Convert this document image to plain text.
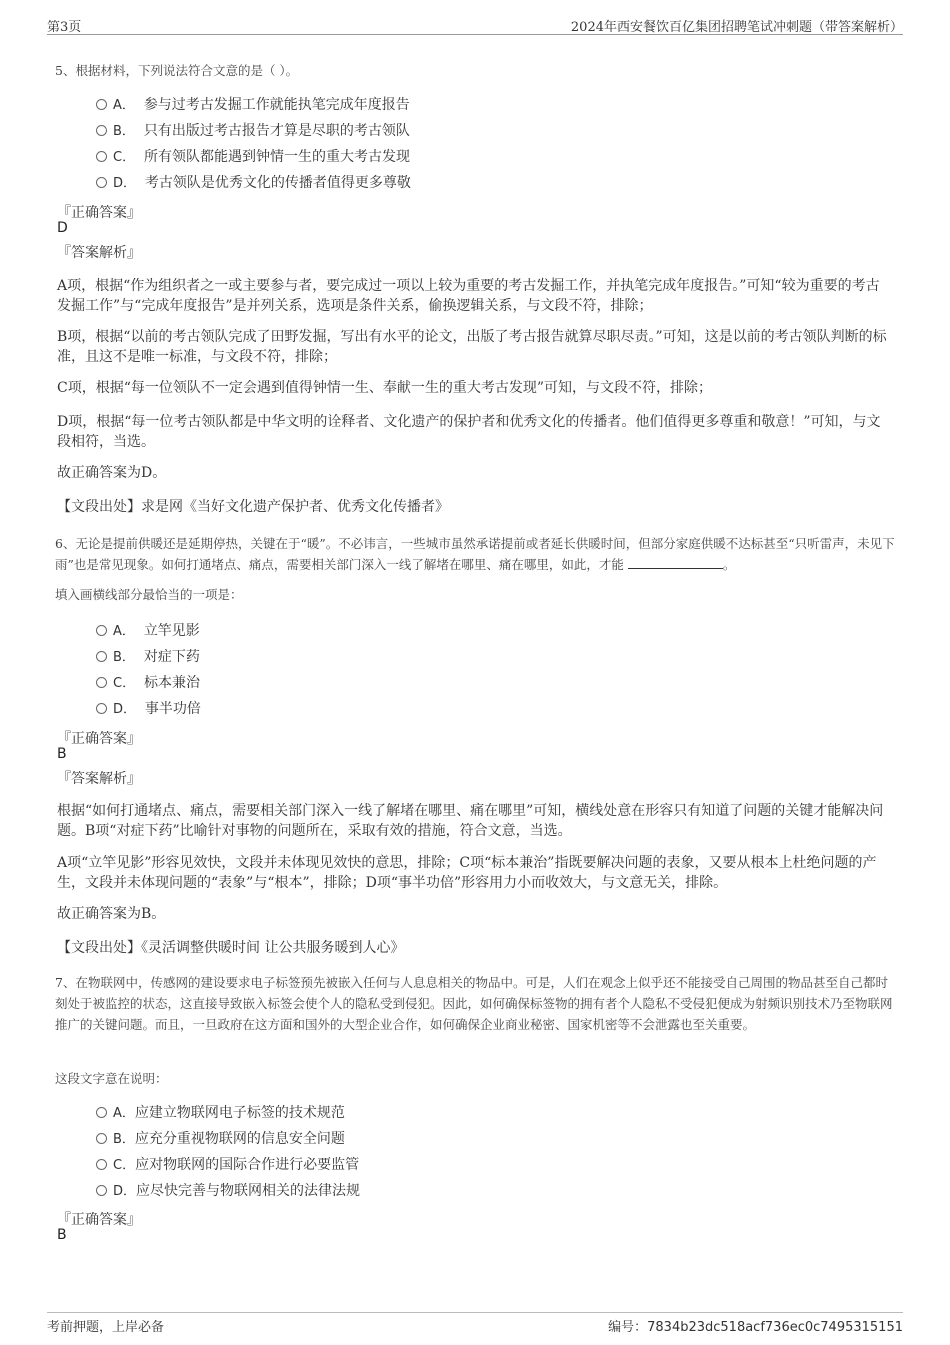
第3页	2024年西安餐饮百亿集团招聘笔试冲刺题（带答案解析）
5、根据材料，下列说法符合文意的是（ ）。
A． 参与过考古发掘工作就能执笔完成年度报告
B． 只有出版过考古报告才算是尽职的考古领队
C． 所有领队都能遇到钟情一生的重大考古发现
D． 考古领队是优秀文化的传播者值得更多尊敬
『正确答案』
D
『答案解析』
A项，根据“作为组织者之一或主要参与者，要完成过一项以上较为重要的考古发掘工作，并执笔完成年度报告。”可知“较为重要的考古发掘工作”与“完成年度报告”是并列关系，选项是条件关系，偷换逻辑关系，与文段不符，排除；
B项，根据“以前的考古领队完成了田野发掘，写出有水平的论文，出版了考古报告就算尽职尽责。”可知，这是以前的考古领队判断的标准，且这不是唯一标准，与文段不符，排除；
C项，根据“每一位领队不一定会遇到值得钟情一生、奉献一生的重大考古发现”可知，与文段不符，排除；
D项，根据“每一位考古领队都是中华文明的诠释者、文化遗产的保护者和优秀文化的传播者。他们值得更多尊重和敬意！”可知，与文段相符，当选。
故正确答案为D。
【文段出处】求是网《当好文化遗产保护者、优秀文化传播者》
6、无论是提前供暖还是延期停热，关键在于“暖”。不必讳言，一些城市虽然承诺提前或者延长供暖时间，但部分家庭供暖不达标甚至“只听雷声，未见下雨”也是常见现象。如何打通堵点、痛点，需要相关部门深入一线了解堵在哪里、痛在哪里，如此，才能	。
填入画横线部分最恰当的一项是：
A． 立竿见影
B． 对症下药
C． 标本兼治
D． 事半功倍
『正确答案』
B
『答案解析』
根据“如何打通堵点、痛点，需要相关部门深入一线了解堵在哪里、痛在哪里”可知，横线处意在形容只有知道了问题的关键才能解决问题。B项“对症下药”比喻针对事物的问题所在，采取有效的措施，符合文意，当选。
A项“立竿见影”形容见效快，文段并未体现见效快的意思，排除；C项“标本兼治”指既要解决问题的表象，又要从根本上杜绝问题的产生，文段并未体现问题的“表象”与“根本”，排除；D项“事半功倍”形容用力小而收效大，与文意无关，排除。
故正确答案为B。
【文段出处】《灵活调整供暖时间 让公共服务暖到人心》
7、在物联网中，传感网的建设要求电子标签预先被嵌入任何与人息息相关的物品中。可是，人们在观念上似乎还不能接受自己周围的物品甚至自己都时刻处于被监控的状态，这直接导致嵌入标签会使个人的隐私受到侵犯。因此，如何确保标签物的拥有者个人隐私不受侵犯便成为射频识别技术乃至物联网推广的关键问题。而且，一旦政府在这方面和国外的大型企业合作，如何确保企业商业秘密、国家机密等不会泄露也至关重要。
这段文字意在说明：
A．应建立物联网电子标签的技术规范
B．应充分重视物联网的信息安全问题
C．应对物联网的国际合作进行必要监管
D．应尽快完善与物联网相关的法律法规
『正确答案』
B
考前押题，上岸必备	编号：7834b23dc518acf736ec0c7495315151
